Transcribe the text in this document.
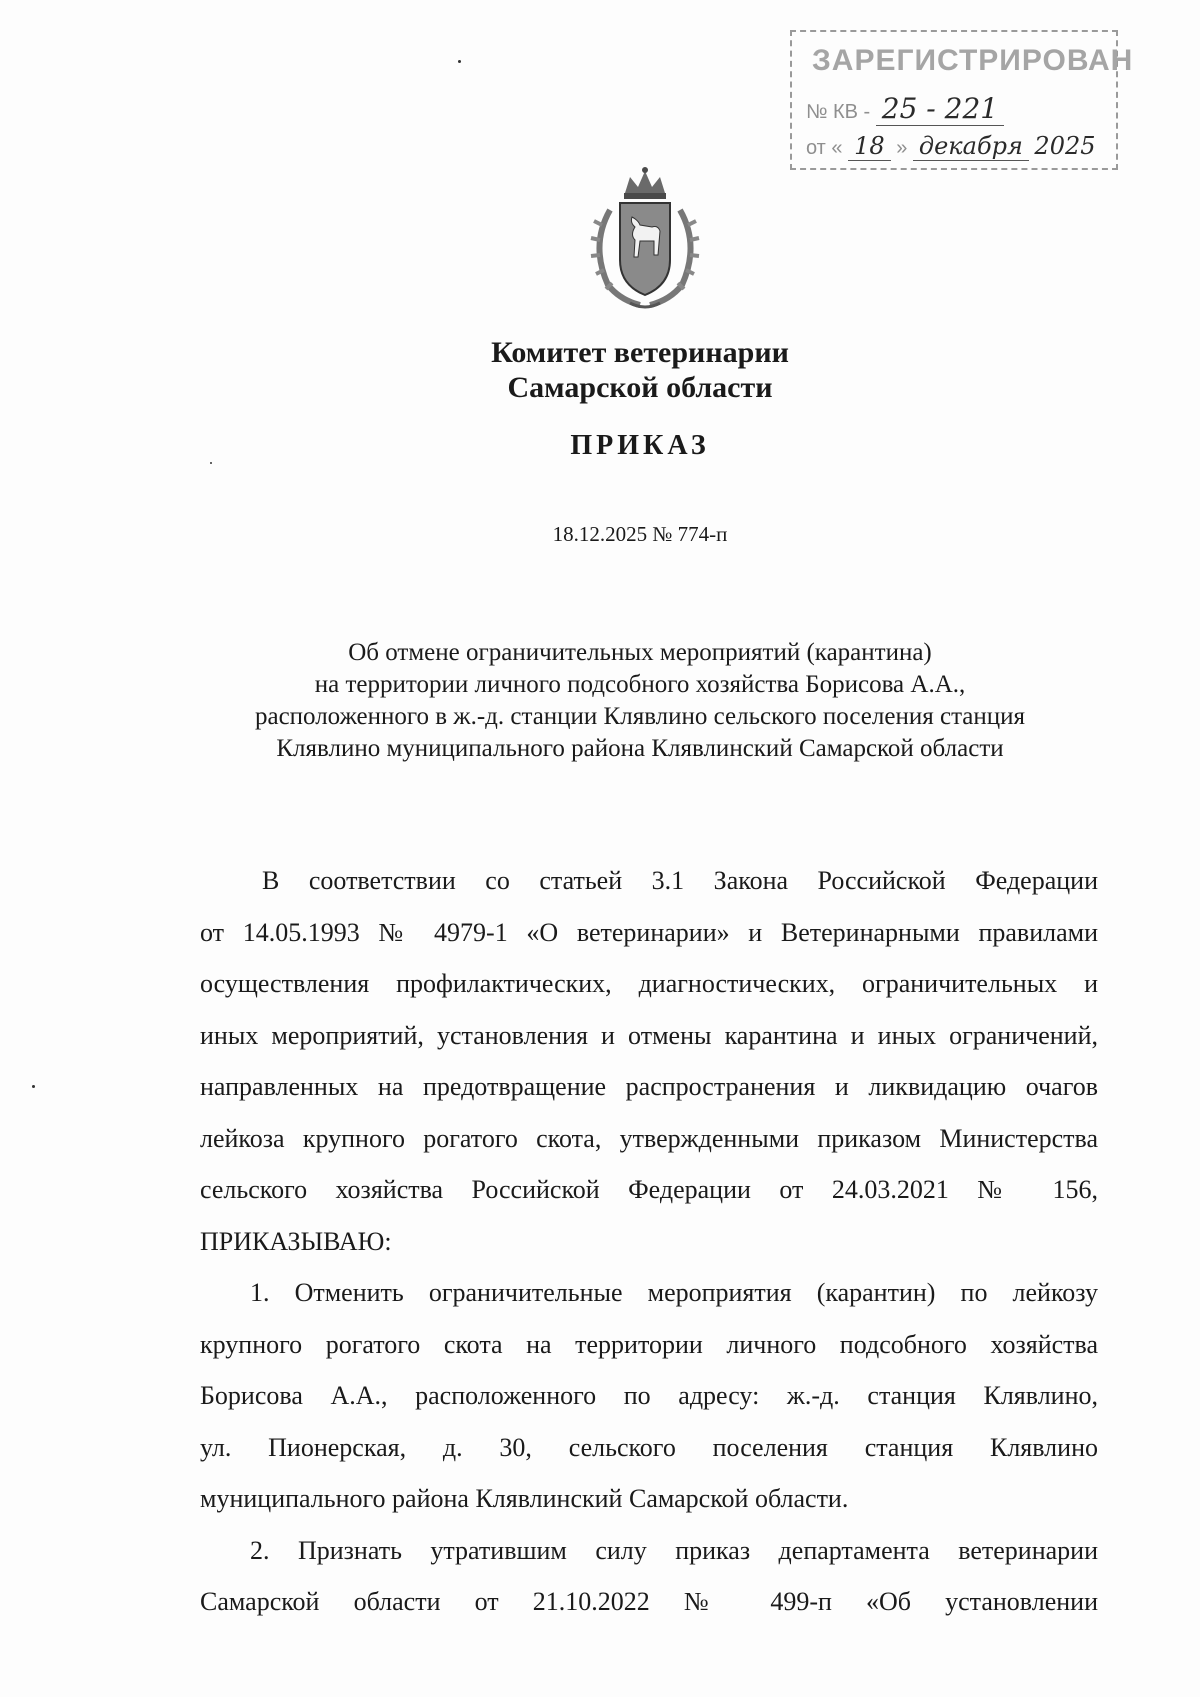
ЗАРЕГИСТРИРОВАН
№ КВ - 25 - 221
от « 18 » декабря 2025
Комитет ветеринарии
Самарской области
ПРИКАЗ
18.12.2025 № 774-п
Об отмене ограничительных мероприятий (карантина)
на территории личного подсобного хозяйства Борисова А.А.,
расположенного в ж.-д. станции Клявлино сельского поселения станция
Клявлино муниципального района Клявлинский Самарской области
В соответствии со статьей 3.1 Закона Российской Федерации
от 14.05.1993 № 4979-1 «О ветеринарии» и Ветеринарными правилами
осуществления профилактических, диагностических, ограничительных и
иных мероприятий, установления и отмены карантина и иных ограничений,
направленных на предотвращение распространения и ликвидацию очагов
лейкоза крупного рогатого скота, утвержденными приказом Министерства
сельского хозяйства Российской Федерации от 24.03.2021 № 156,
ПРИКАЗЫВАЮ:
1. Отменить ограничительные мероприятия (карантин) по лейкозу
крупного рогатого скота на территории личного подсобного хозяйства
Борисова А.А., расположенного по адресу: ж.-д. станция Клявлино,
ул. Пионерская, д. 30, сельского поселения станция Клявлино
муниципального района Клявлинский Самарской области.
2. Признать утратившим силу приказ департамента ветеринарии
Самарской области от 21.10.2022 № 499-п «Об установлении
